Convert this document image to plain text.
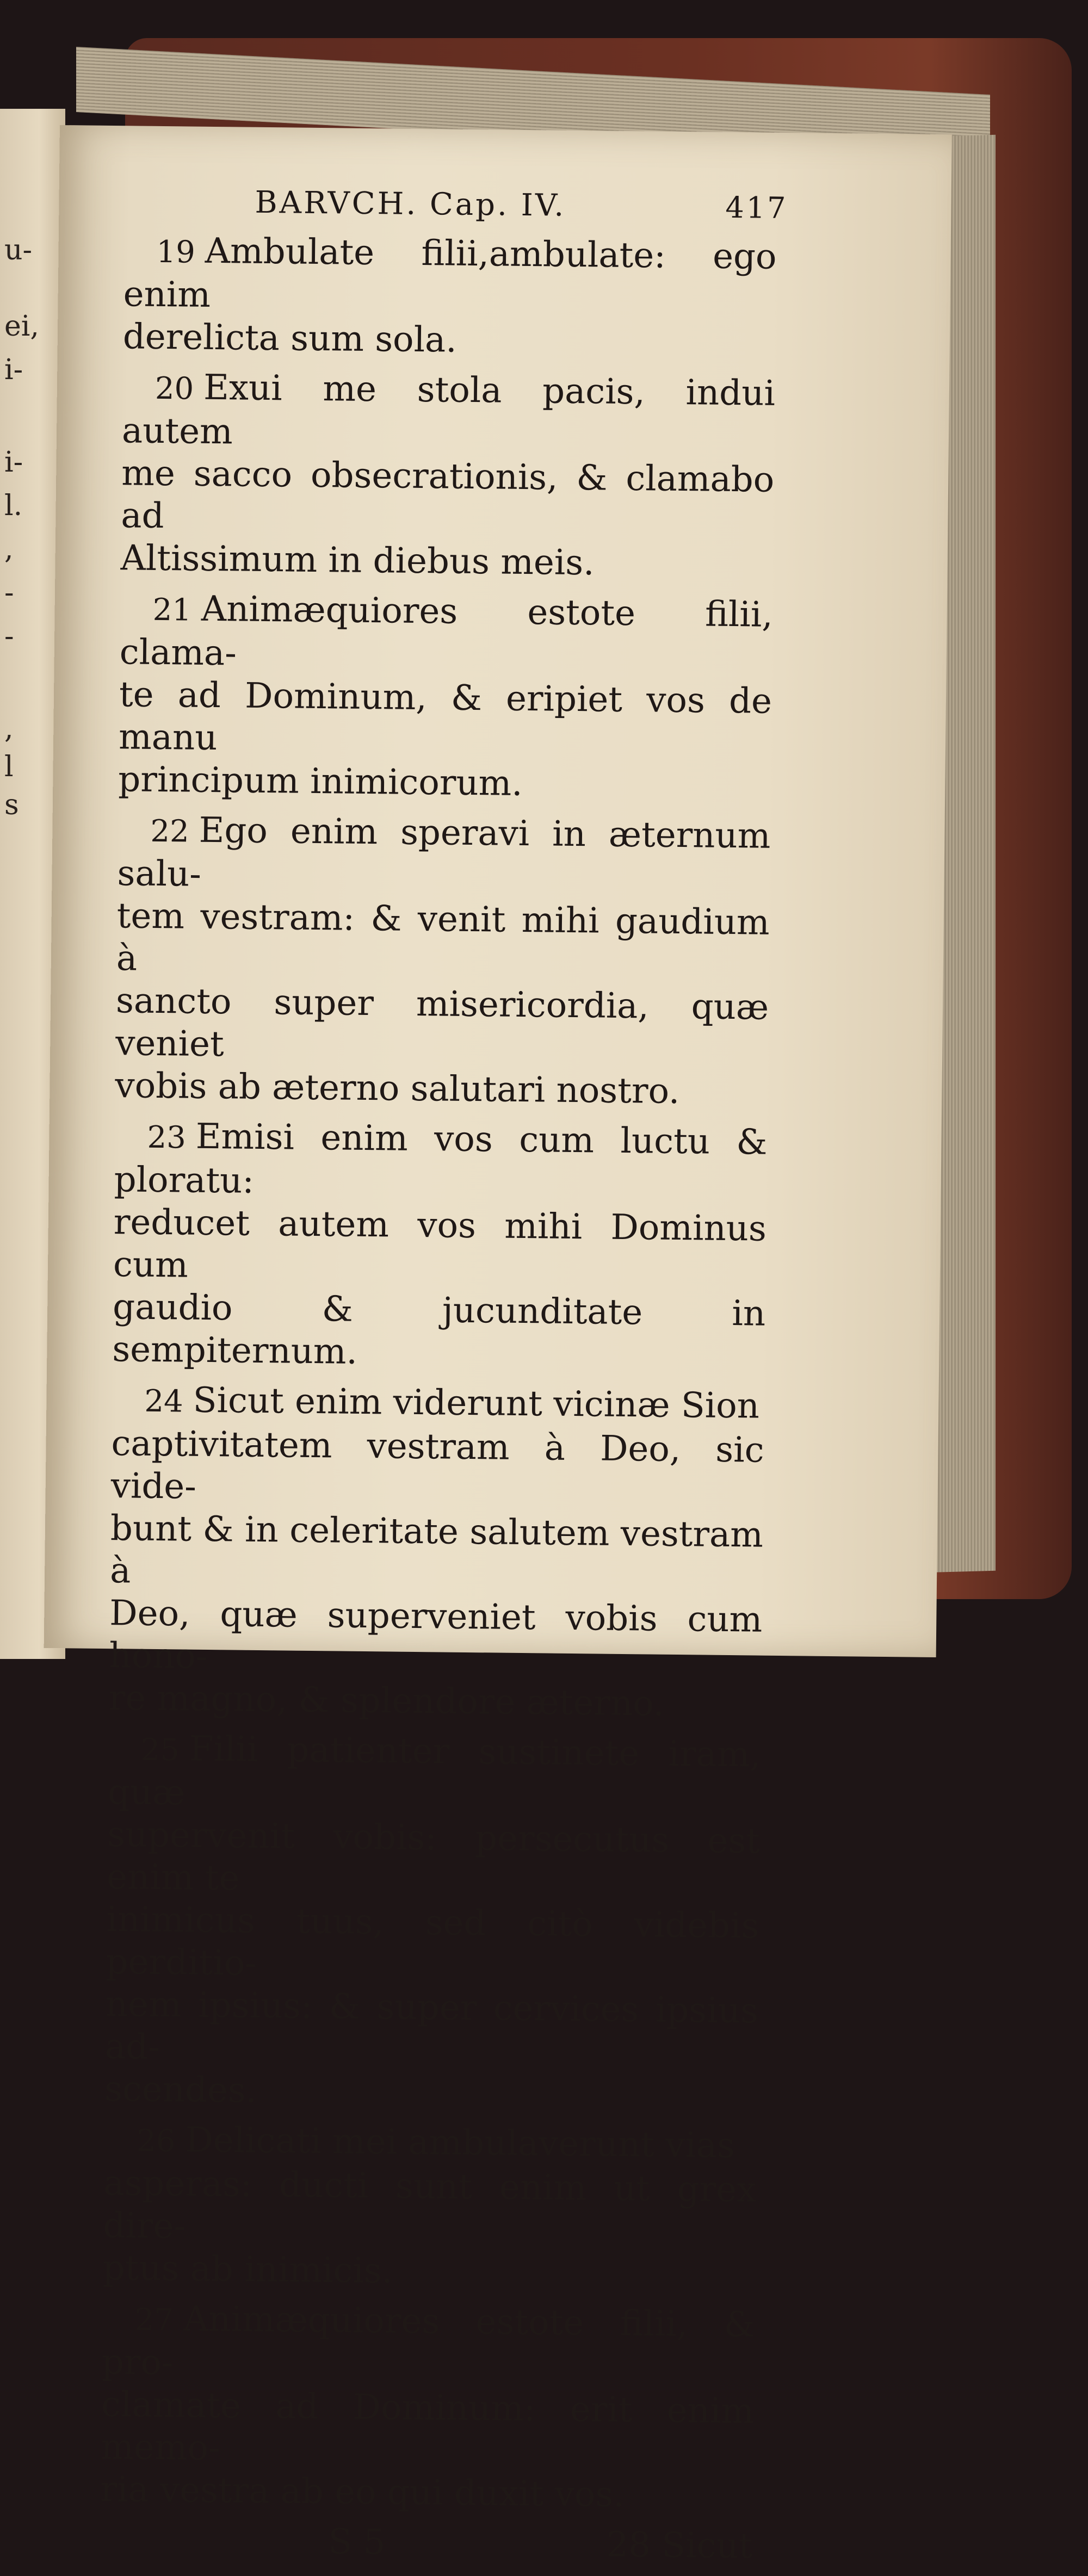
u-
ei,
i-
i-
l.
,
-
-
,
l
s
BARVCH. Cap. IV.	417

19 Ambulate filii,ambulate: ego enim
derelicta sum sola.

20 Exui me stola pacis, indui autem
me sacco obsecrationis, & clamabo ad
Altissimum in diebus meis.

21 Animæquiores estote filii, clama-
te ad Dominum, & eripiet vos de manu
principum inimicorum.

22 Ego enim speravi in æternum salu-
tem vestram: & venit mihi gaudium à
sancto super misericordia, quæ veniet
vobis ab æterno salutari nostro.

23 Emisi enim vos cum luctu & ploratu:
reducet autem vos mihi Dominus cum
gaudio & jucunditate in sempiternum.

24 Sicut enim viderunt vicinæ Sion
captivitatem vestram à Deo, sic vide-
bunt & in celeritate salutem vestram à
Deo, quæ superveniet vobis cum hono-
re magno, & splendore æterno.

25 Filii patienter sustinete iram, quæ
supervenit vobis: persecutus est enim te
inimicus tuus, sed citò videbis perditio-
nem ipsius: & super cervices ipsius ad-
scendes.

26 Delicati mei ambulaverunt vias
asperas: ducti sunt enim ut grex dire-
ptus ab inimicis.

27 Animæquiores estote filii, & pro-
clamate ad Dominum: erit enim memo-
ria vestra ab eo qui duxit vos.

S 5	28 Sicut
